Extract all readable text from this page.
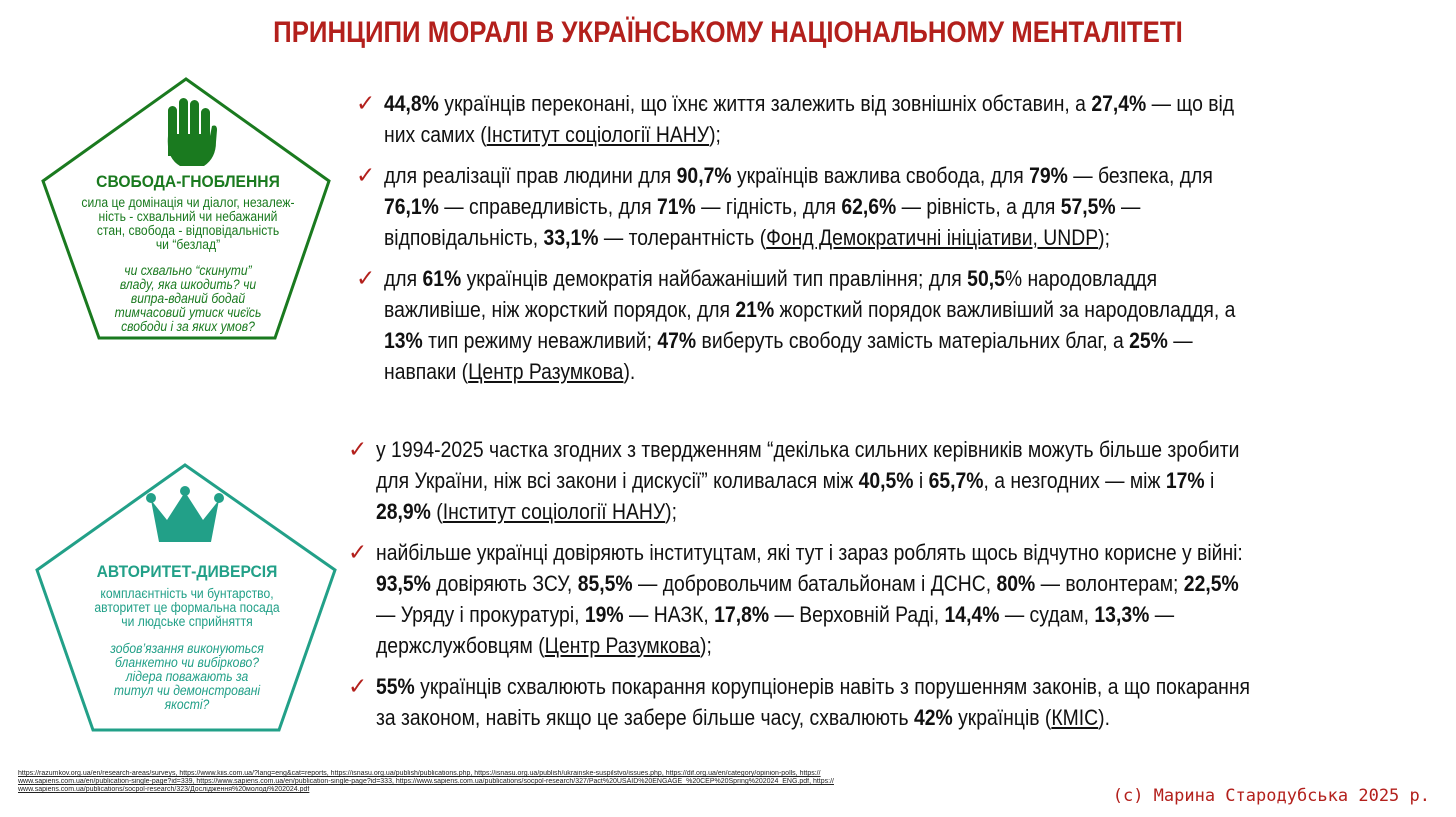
ПРИНЦИПИ МОРАЛІ В УКРАЇНСЬКОМУ НАЦІОНАЛЬНОМУ МЕНТАЛІТЕТІ
СВОБОДА-ГНОБЛЕННЯ
сила це домінація чи діалог, незалеж-
ність - схвальний чи небажаний
стан, свобода - відповідальність
чи “безлад”
чи схвально “скинути”
владу, яка шкодить? чи
випра-вданий бодай
тимчасовий утиск чиєїсь
свободи і за яких умов?
АВТОРИТЕТ-ДИВЕРСІЯ
комплаєнтність чи бунтарство,
авторитет це формальна посада
чи людське сприйняття
зобов’язання виконуються
бланкетно чи вибірково?
лідера поважають за
титул чи демонстровані
якості?
✓ 44,8% українців переконані, що їхнє життя залежить від зовнішніх обставин, а 27,4% — що від
них самих (Інститут соціології НАНУ);
✓ для реалізації прав людини для 90,7% українців важлива свобода, для 79% — безпека, для
76,1% — справедливість, для 71% — гідність, для 62,6% — рівність, а для 57,5% —
відповідальність, 33,1% — толерантність (Фонд Демократичні ініціативи, UNDP);
✓ для 61% українців демократія найбажаніший тип правління; для 50,5% народовладдя
важливіше, ніж жорсткий порядок, для 21% жорсткий порядок важливіший за народовладдя, а
13% тип режиму неважливий; 47% виберуть свободу замість матеріальних благ, а 25% —
навпаки (Центр Разумкова).
✓ у 1994-2025 частка згодних з твердженням “декілька сильних керівників можуть більше зробити
для України, ніж всі закони і дискусії” коливалася між 40,5% і 65,7%, а незгодних — між 17% і
28,9% (Інститут соціології НАНУ);
✓ найбільше українці довіряють інституцтам, які тут і зараз роблять щось відчутно корисне у війні:
93,5% довіряють ЗСУ, 85,5% — добровольчим батальйонам і ДСНС, 80% — волонтерам; 22,5%
— Уряду і прокуратурі, 19% — НАЗК, 17,8% — Верховній Раді, 14,4% — судам, 13,3% —
держслужбовцям (Центр Разумкова);
✓ 55% українців схвалюють покарання корупціонерів навіть з порушенням законів, а що покарання
за законом, навіть якщо це забере більше часу, схвалюють 42% українців (КМІС).
https://razumkov.org.ua/en/research-areas/surveys, https://www.kiis.com.ua/?lang=eng&cat=reports, https://isnasu.org.ua/publish/publications.php, https://isnasu.org.ua/publish/ukrainske-suspilstvo/issues.php, https://dif.org.ua/en/category/opinion-polls, https://
www.sapiens.com.ua/en/publication-single-page?id=339, https://www.sapiens.com.ua/en/publication-single-page?id=333, https://www.sapiens.com.ua/publications/socpol-research/327/Pact%20USAID%20ENGAGE_%20CEP%20Spring%202024_ENG.pdf, https://
www.sapiens.com.ua/publications/socpol-research/323/Дослідження%20молоді%202024.pdf	(c) Марина Стародубська 2025 р.
